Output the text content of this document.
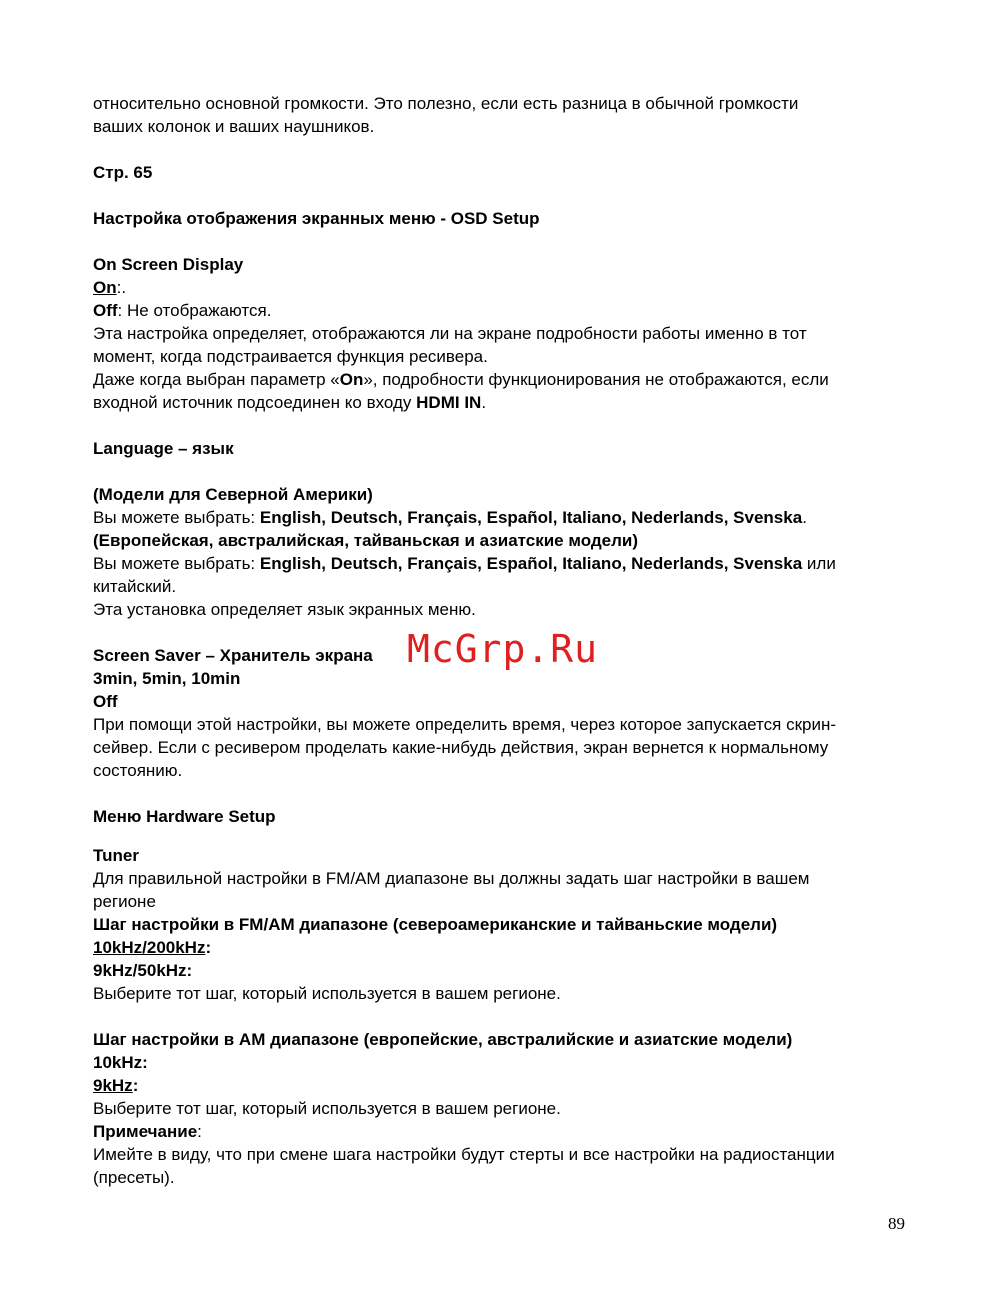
относительно основной громкости. Это полезно, если есть разница в обычной громкости

ваших колонок и ваших наушников.

Стр. 65

Настройка отображения экранных меню - OSD Setup

On Screen Display

On:.

Off: Не отображаются.

Эта настройка определяет, отображаются ли на экране подробности работы именно в тот

момент, когда подстраивается функция ресивера.

Даже когда выбран параметр «On», подробности функционирования не отображаются, если

входной источник подсоединен ко входу HDMI IN.

Language – язык

(Модели для Северной Америки)

Вы можете выбрать: English, Deutsch, Français, Español, Italiano, Nederlands, Svenska.

(Европейская, австралийская, тайваньская и азиатские модели)

Вы можете выбрать: English, Deutsch, Français, Español, Italiano, Nederlands, Svenska или

китайский.

Эта установка определяет язык экранных меню.

Screen Saver – Хранитель экрана

3min, 5min, 10min

Off

При помощи этой настройки, вы можете определить время, через которое запускается скрин-

сейвер. Если с ресивером проделать какие-нибудь действия, экран вернется к нормальному

состоянию.

Меню Hardware Setup

Tuner

Для правильной настройки в FM/AM диапазоне вы должны задать шаг настройки в вашем

регионе

Шаг настройки в FM/AM диапазоне (североамериканские и тайваньские модели)

10kHz/200kHz:

9kHz/50kHz:

Выберите тот шаг, который используется в вашем регионе.

Шаг настройки в AM диапазоне (европейские, австралийские и азиатские модели)

10kHz:

9kHz:

Выберите тот шаг, который используется в вашем регионе.

Примечание:

Имейте в виду, что при смене шага настройки будут стерты и все настройки на радиостанции

(пресеты).

McGrp.Ru
89
